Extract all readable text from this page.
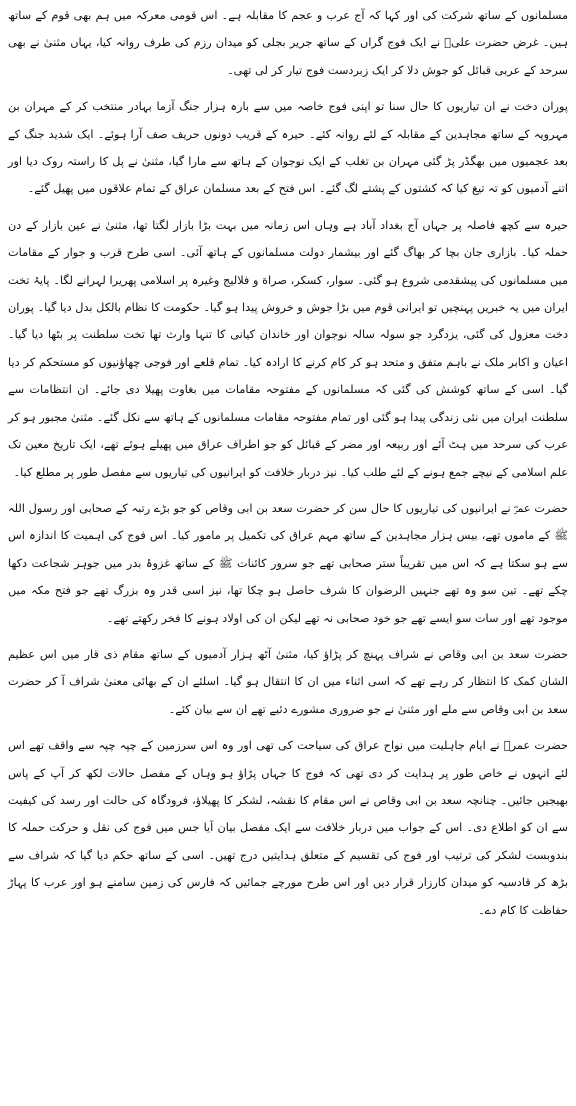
مسلمانوں کے ساتھ شرکت کی اور کہا کہ آج عرب و عجم کا مقابلہ ہے۔ اس قومی معرکہ میں ہم بھی قوم کے ساتھ ہیں۔ غرض حضرت علیؓ نے ایک فوج گراں کے ساتھ جریر بجلی کو میدان رزم کی طرف روانہ کیا، یہاں مثنیٰ نے بھی سرحد کے عربی قبائل کو جوش دلا کر ایک زبردست فوج تیار کر لی تھی۔

پوران دخت نے ان تیاریوں کا حال سنا تو اپنی فوج خاصہ میں سے بارہ ہزار جنگ آزما بہادر منتخب کر کے مہران بن مہرویہ کے ساتھ مجاہدین کے مقابلہ کے لئے روانہ کئے۔ حیرہ کے قریب دونوں حریف صف آرا ہوئے۔ ایک شدید جنگ کے بعد عجمیوں میں بھگڈر پڑ گئی مہران بن تغلب کے ایک نوجوان کے ہاتھ سے مارا گیا، مثنیٰ نے پل کا راستہ روک دیا اور اتنے آدمیوں کو تہ تیغ کیا کہ کشتوں کے پشتے لگ گئے۔ اس فتح کے بعد مسلمان عراق کے تمام علاقوں میں پھیل گئے۔

حیرہ سے کچھ فاصلہ پر جہاں آج بغداد آباد ہے وہاں اس زمانہ میں بہت بڑا بازار لگتا تھا، مثنیٰ نے عین بازار کے دن حملہ کیا۔ بازاری جان بچا کر بھاگ گئے اور بیشمار دولت مسلمانوں کے ہاتھ آئی۔ اسی طرح قرب و جوار کے مقامات میں مسلمانوں کی پیشقدمی شروع ہو گئی۔ سوار، کسکر، صراة و فلالیج وغیرہ پر اسلامی پھریرا لہرانے لگا۔ پایۂ تخت ایران میں یہ خبریں پہنچیں تو ایرانی قوم میں بڑا جوش و خروش پیدا ہو گیا۔ حکومت کا نظام بالکل بدل دیا گیا۔ پوران دخت معزول کی گئی، یزدگرد جو سولہ سالہ نوجوان اور خاندان کیانی کا تنہا وارث تھا تخت سلطنت پر بٹھا دیا گیا۔ اعیان و اکابر ملک نے باہم متفق و متحد ہو کر کام کرنے کا ارادہ کیا۔ تمام قلعے اور فوجی چھاؤنیوں کو مستحکم کر دیا گیا۔ اسی کے ساتھ کوشش کی گئی کہ مسلمانوں کے مفتوحہ مقامات میں بغاوت پھیلا دی جائے۔ ان انتظامات سے سلطنت ایران میں نئی زندگی پیدا ہو گئی اور تمام مفتوحہ مقامات مسلمانوں کے ہاتھ سے نکل گئے۔ مثنیٰ مجبور ہو کر عرب کی سرحد میں ہٹ آئے اور ربیعہ اور مضر کے قبائل کو جو اطراف عراق میں پھیلے ہوئے تھے، ایک تاریخ معین تک علم اسلامی کے نیچے جمع ہونے کے لئے طلب کیا۔ نیز دربار خلافت کو ایرانیوں کی تیاریوں سے مفصل طور پر مطلع کیا۔

حضرت عمرؓ نے ایرانیوں کی تیاریوں کا حال سن کر حضرت سعد بن ابی وقاص کو جو بڑے رتبہ کے صحابی اور رسول اللہ ﷺ کے ماموں تھے، بیس ہزار مجاہدین کے ساتھ مہم عراق کی تکمیل پر مامور کیا۔ اس فوج کی اہمیت کا اندازہ اس سے ہو سکتا ہے کہ اس میں تقریباً ستر صحابی تھے جو سرور کائنات ﷺ کے ساتھ غزوۂ بدر میں جوہر شجاعت دکھا چکے تھے۔ تین سو وہ تھے جنہیں الرضوان کا شرف حاصل ہو چکا تھا، نیز اسی قدر وہ بزرگ تھے جو فتح مکہ میں موجود تھے اور سات سو ایسے تھے جو خود صحابی نہ تھے لیکن ان کی اولاد ہونے کا فخر رکھتے تھے۔

حضرت سعد بن ابی وقاص نے شراف پہنچ کر پڑاؤ کیا، مثنیٰ آٹھ ہزار آدمیوں کے ساتھ مقام ذی قار میں اس عظیم الشان کمک کا انتظار کر رہے تھے کہ اسی اثناء میں ان کا انتقال ہو گیا۔ اسلئے ان کے بھائی معنیٰ شراف آ کر حضرت سعد بن ابی وقاص سے ملے اور مثنیٰ نے جو ضروری مشورے دئیے تھے ان سے بیان کئے۔

حضرت عمرؓ نے ایام جاہلیت میں نواح عراق کی سیاحت کی تھی اور وہ اس سرزمین کے چپہ چپہ سے واقف تھے اس لئے انہوں نے خاص طور پر ہدایت کر دی تھی کہ فوج کا جہاں پڑاؤ ہو وہاں کے مفصل حالات لکھ کر آپ کے پاس بھیجیں جائیں۔ چنانچہ سعد بن ابی وقاص نے اس مقام کا نقشہ، لشکر کا پھیلاؤ، فرودگاہ کی حالت اور رسد کی کیفیت سے ان کو اطلاع دی۔ اس کے جواب میں دربار خلافت سے ایک مفصل بیان آیا جس میں فوج کی نقل و حرکت حملہ کا بندوبست لشکر کی ترتیب اور فوج کی تقسیم کے متعلق ہدایتیں درج تھیں۔ اسی کے ساتھ حکم دیا گیا کہ شراف سے بڑھ کر قادسیہ کو میدان کارزار قرار دیں اور اس طرح مورچے جمائیں کہ فارس کی زمین سامنے ہو اور عرب کا پہاڑ حفاظت کا کام دے۔
